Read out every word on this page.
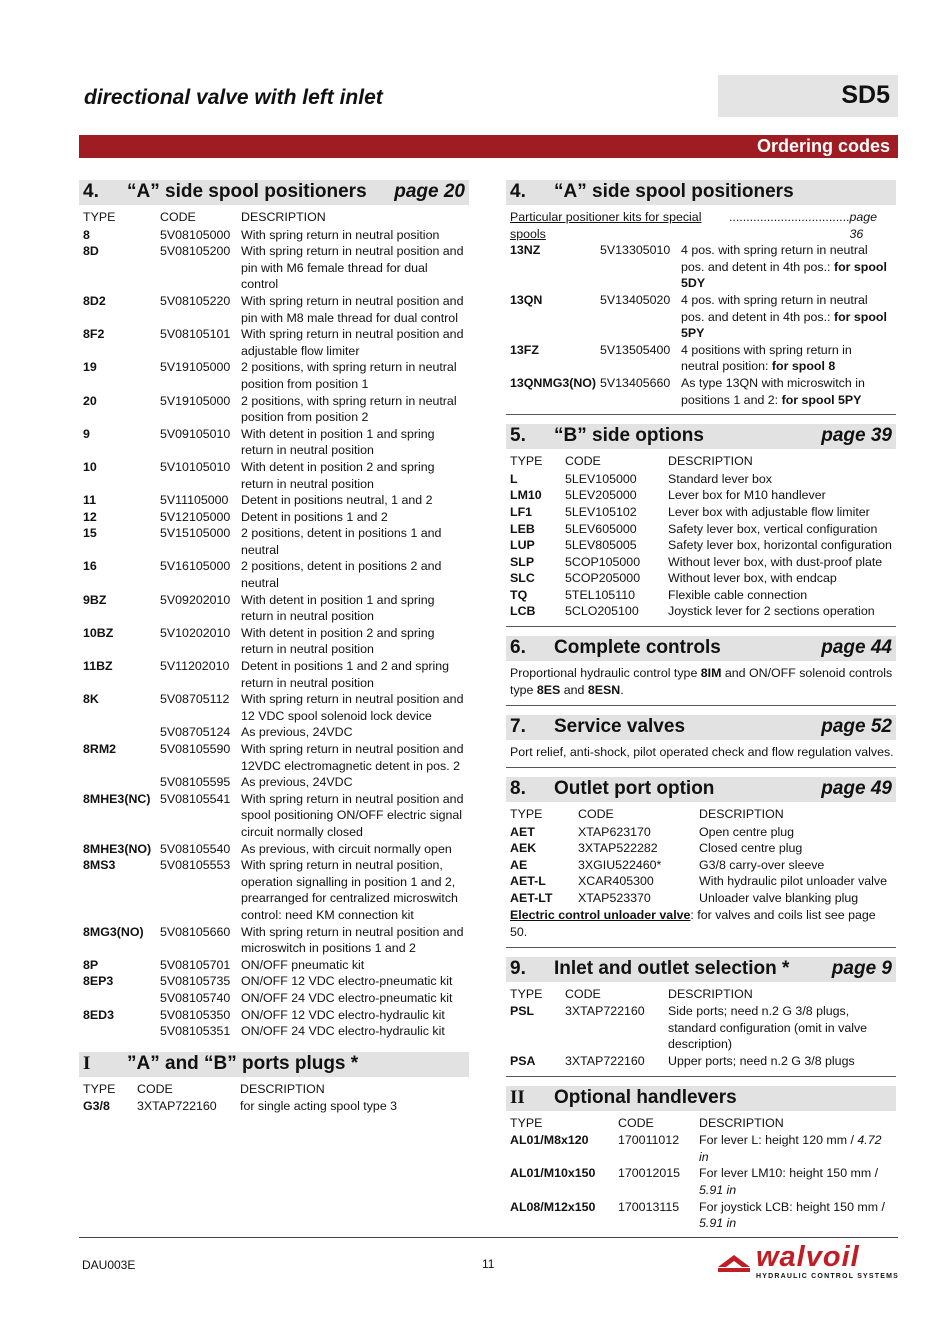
directional valve with left inlet	SD5
Ordering codes
4. “A” side spool positioners page 20
TYPE	CODE	DESCRIPTION
8	5V08105000 With spring return in neutral position
8D	5V08105200 With spring return in neutral position and pin with M6 female thread for dual control
8D2	5V08105220 With spring return in neutral position and pin with M8 male thread for dual control
8F2	5V08105101 With spring return in neutral position and adjustable flow limiter
19	5V19105000 2 positions, with spring return in neutral position from position 1
20	5V19105000 2 positions, with spring return in neutral position from position 2
9	5V09105010 With detent in position 1 and spring return in neutral position
10	5V10105010 With detent in position 2 and spring return in neutral position
11	5V11105000	Detent in positions neutral, 1 and 2
12	5V12105000 Detent in positions 1 and 2
15	5V15105000 2 positions, detent in positions 1 and neutral
16	5V16105000 2 positions, detent in positions 2 and neutral
9BZ	5V09202010 With detent in position 1 and spring return in neutral position
10BZ	5V10202010 With detent in position 2 and spring return in neutral position
11BZ	5V11202010 Detent in positions 1 and 2 and spring return in neutral position
8K	5V08705112 With spring return in neutral position and 12 VDC spool solenoid lock device
5V08705124 As previous, 24VDC
8RM2	5V08105590 With spring return in neutral position and 12VDC electromagnetic detent in pos. 2
5V08105595 As previous, 24VDC
8MHE3(NC) 5V08105541 With spring return in neutral position and spool positioning ON/OFF electric signal circuit normally closed
8MHE3(NO) 5V08105540 As previous, with circuit normally open
8MS3	5V08105553 With spring return in neutral position, operation signalling in position 1 and 2, prearranged for centralized microswitch control: need KM connection kit
8MG3(NO)	5V08105660 With spring return in neutral position and microswitch in positions 1 and 2
8P	5V08105701 ON/OFF pneumatic kit
8EP3	5V08105735 ON/OFF 12 VDC electro-pneumatic kit
5V08105740 ON/OFF 24 VDC electro-pneumatic kit
8ED3	5V08105350 ON/OFF 12 VDC electro-hydraulic kit
5V08105351 ON/OFF 24 VDC electro-hydraulic kit
I ”A” and “B” ports plugs *
TYPE	CODE	DESCRIPTION
G3/8	3XTAP722160	for single acting spool type 3
4. “A” side spool positioners
Particular positioner kits for special spools
................................... page 36
13NZ	5V13305010 4 pos. with spring return in neutral pos. and detent in 4th pos.: for spool 5DY
13QN	5V13405020 4 pos. with spring return in neutral pos. and detent in 4th pos.: for spool 5PY
13FZ	5V13505400 4 positions with spring return in neutral position: for spool 8
13QNMG3(NO) 5V13405660 As type 13QN with microswitch in positions 1 and 2: for spool 5PY
5. “B” side options	page 39
TYPE	CODE	DESCRIPTION
L	5LEV105000	Standard lever box
LM10	5LEV205000	Lever box for M10 handlever
LF1	5LEV105102	Lever box with adjustable flow limiter
LEB	5LEV605000	Safety lever box, vertical configuration
LUP	5LEV805005	Safety lever box, horizontal configuration
SLP	5COP105000	Without lever box, with dust-proof plate
SLC	5COP205000	Without lever box, with endcap
TQ	5TEL105110	Flexible cable connection
LCB	5CLO205100	Joystick lever for 2 sections operation
6. Complete controls	page 44
Proportional hydraulic control type 8IM and ON/OFF solenoid controls type 8ES and 8ESN.
7. Service valves	page 52
Port relief, anti-shock, pilot operated check and flow regulation valves.
8. Outlet port option	page 49
TYPE	CODE	DESCRIPTION
AET	XTAP623170	Open centre plug
AEK	3XTAP522282	Closed centre plug
AE	3XGIU522460*	G3/8 carry-over sleeve
AET-L	XCAR405300	With hydraulic pilot unloader valve
AET-LT	XTAP523370	Unloader valve blanking plug
Electric control unloader valve: for valves and coils list see page 50.
9. Inlet and outlet selection * page 9
TYPE	CODE	DESCRIPTION
PSL	3XTAP722160	Side ports; need n.2 G 3/8 plugs, standard configuration (omit in valve description)
PSA	3XTAP722160	Upper ports; need n.2 G 3/8 plugs
II Optional handlevers
TYPE	CODE	DESCRIPTION
AL01/M8x120	170011012	For lever L: height 120 mm / 4.72 in
AL01/M10x150	170012015	For lever LM10: height 150 mm / 5.91 in
AL08/M12x150	170013115	For joystick LCB: height 150 mm / 5.91 in
DAU003E	11	walvoil
HYDRAULIC CONTROL SYSTEMS
